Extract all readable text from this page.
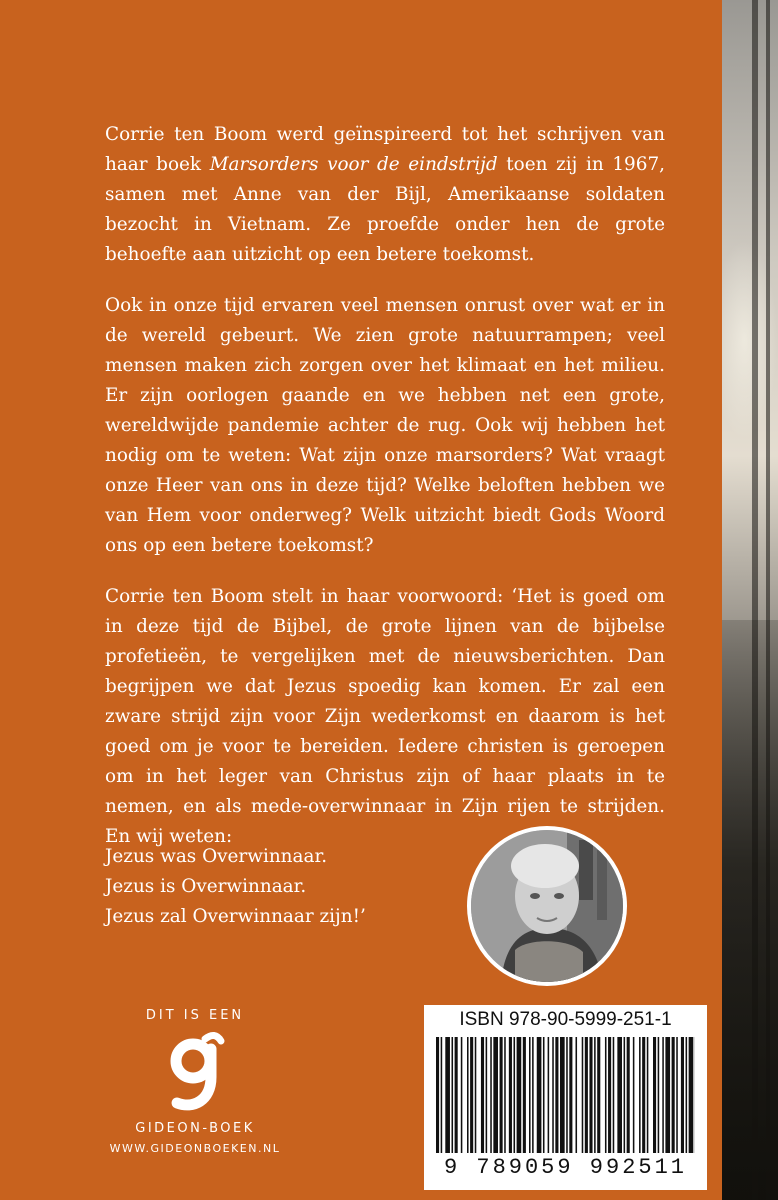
Corrie ten Boom werd geïnspireerd tot het schrijven van haar boek Marsorders voor de eindstrijd toen zij in 1967, samen met Anne van der Bijl, Amerikaanse soldaten bezocht in Vietnam. Ze proefde onder hen de grote behoefte aan uitzicht op een betere toekomst.

Ook in onze tijd ervaren veel mensen onrust over wat er in de wereld gebeurt. We zien grote natuurrampen; veel mensen maken zich zorgen over het klimaat en het milieu. Er zijn oorlogen gaande en we hebben net een grote, wereldwijde pandemie achter de rug. Ook wij hebben het nodig om te weten: Wat zijn onze marsorders? Wat vraagt onze Heer van ons in deze tijd? Welke beloften hebben we van Hem voor onderweg? Welk uitzicht biedt Gods Woord ons op een betere toekomst?

Corrie ten Boom stelt in haar voorwoord: ‘Het is goed om in deze tijd de Bijbel, de grote lijnen van de bijbelse profetieën, te vergelijken met de nieuwsberichten. Dan begrijpen we dat Jezus spoedig kan komen. Er zal een zware strijd zijn voor Zijn wederkomst en daarom is het goed om je voor te bereiden. Iedere christen is geroepen om in het leger van Christus zijn of haar plaats in te nemen, en als mede-overwinnaar in Zijn rijen te strijden. En wij weten:

Jezus was Overwinnaar.
Jezus is Overwinnaar.
Jezus zal Overwinnaar zijn!’
DIT IS EEN
GIDEON-BOEK
WWW.GIDEONBOEKEN.NL
ISBN 978-90-5999-251-1
9 789059 992511
